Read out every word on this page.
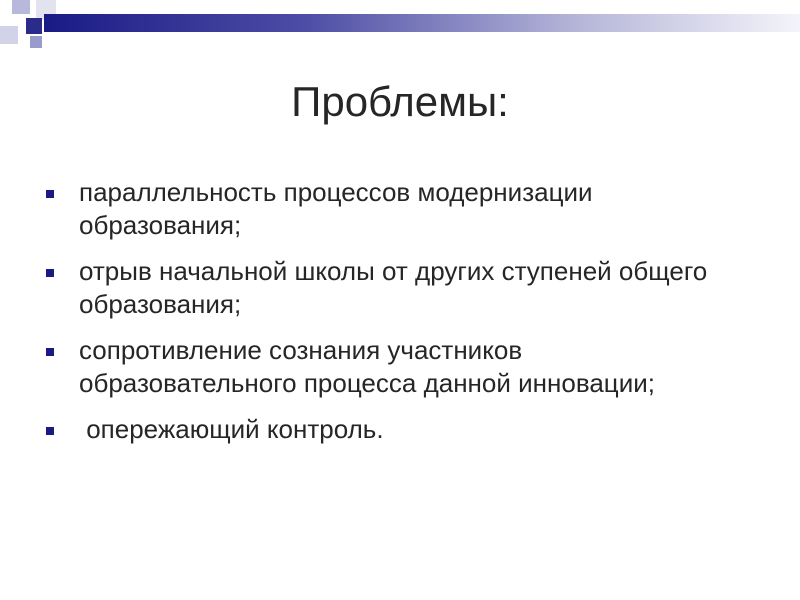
Проблемы:
параллельность процессов модернизации образования;
отрыв начальной школы от других ступеней общего образования;
сопротивление сознания участников образовательного процесса данной инновации;
опережающий контроль.
